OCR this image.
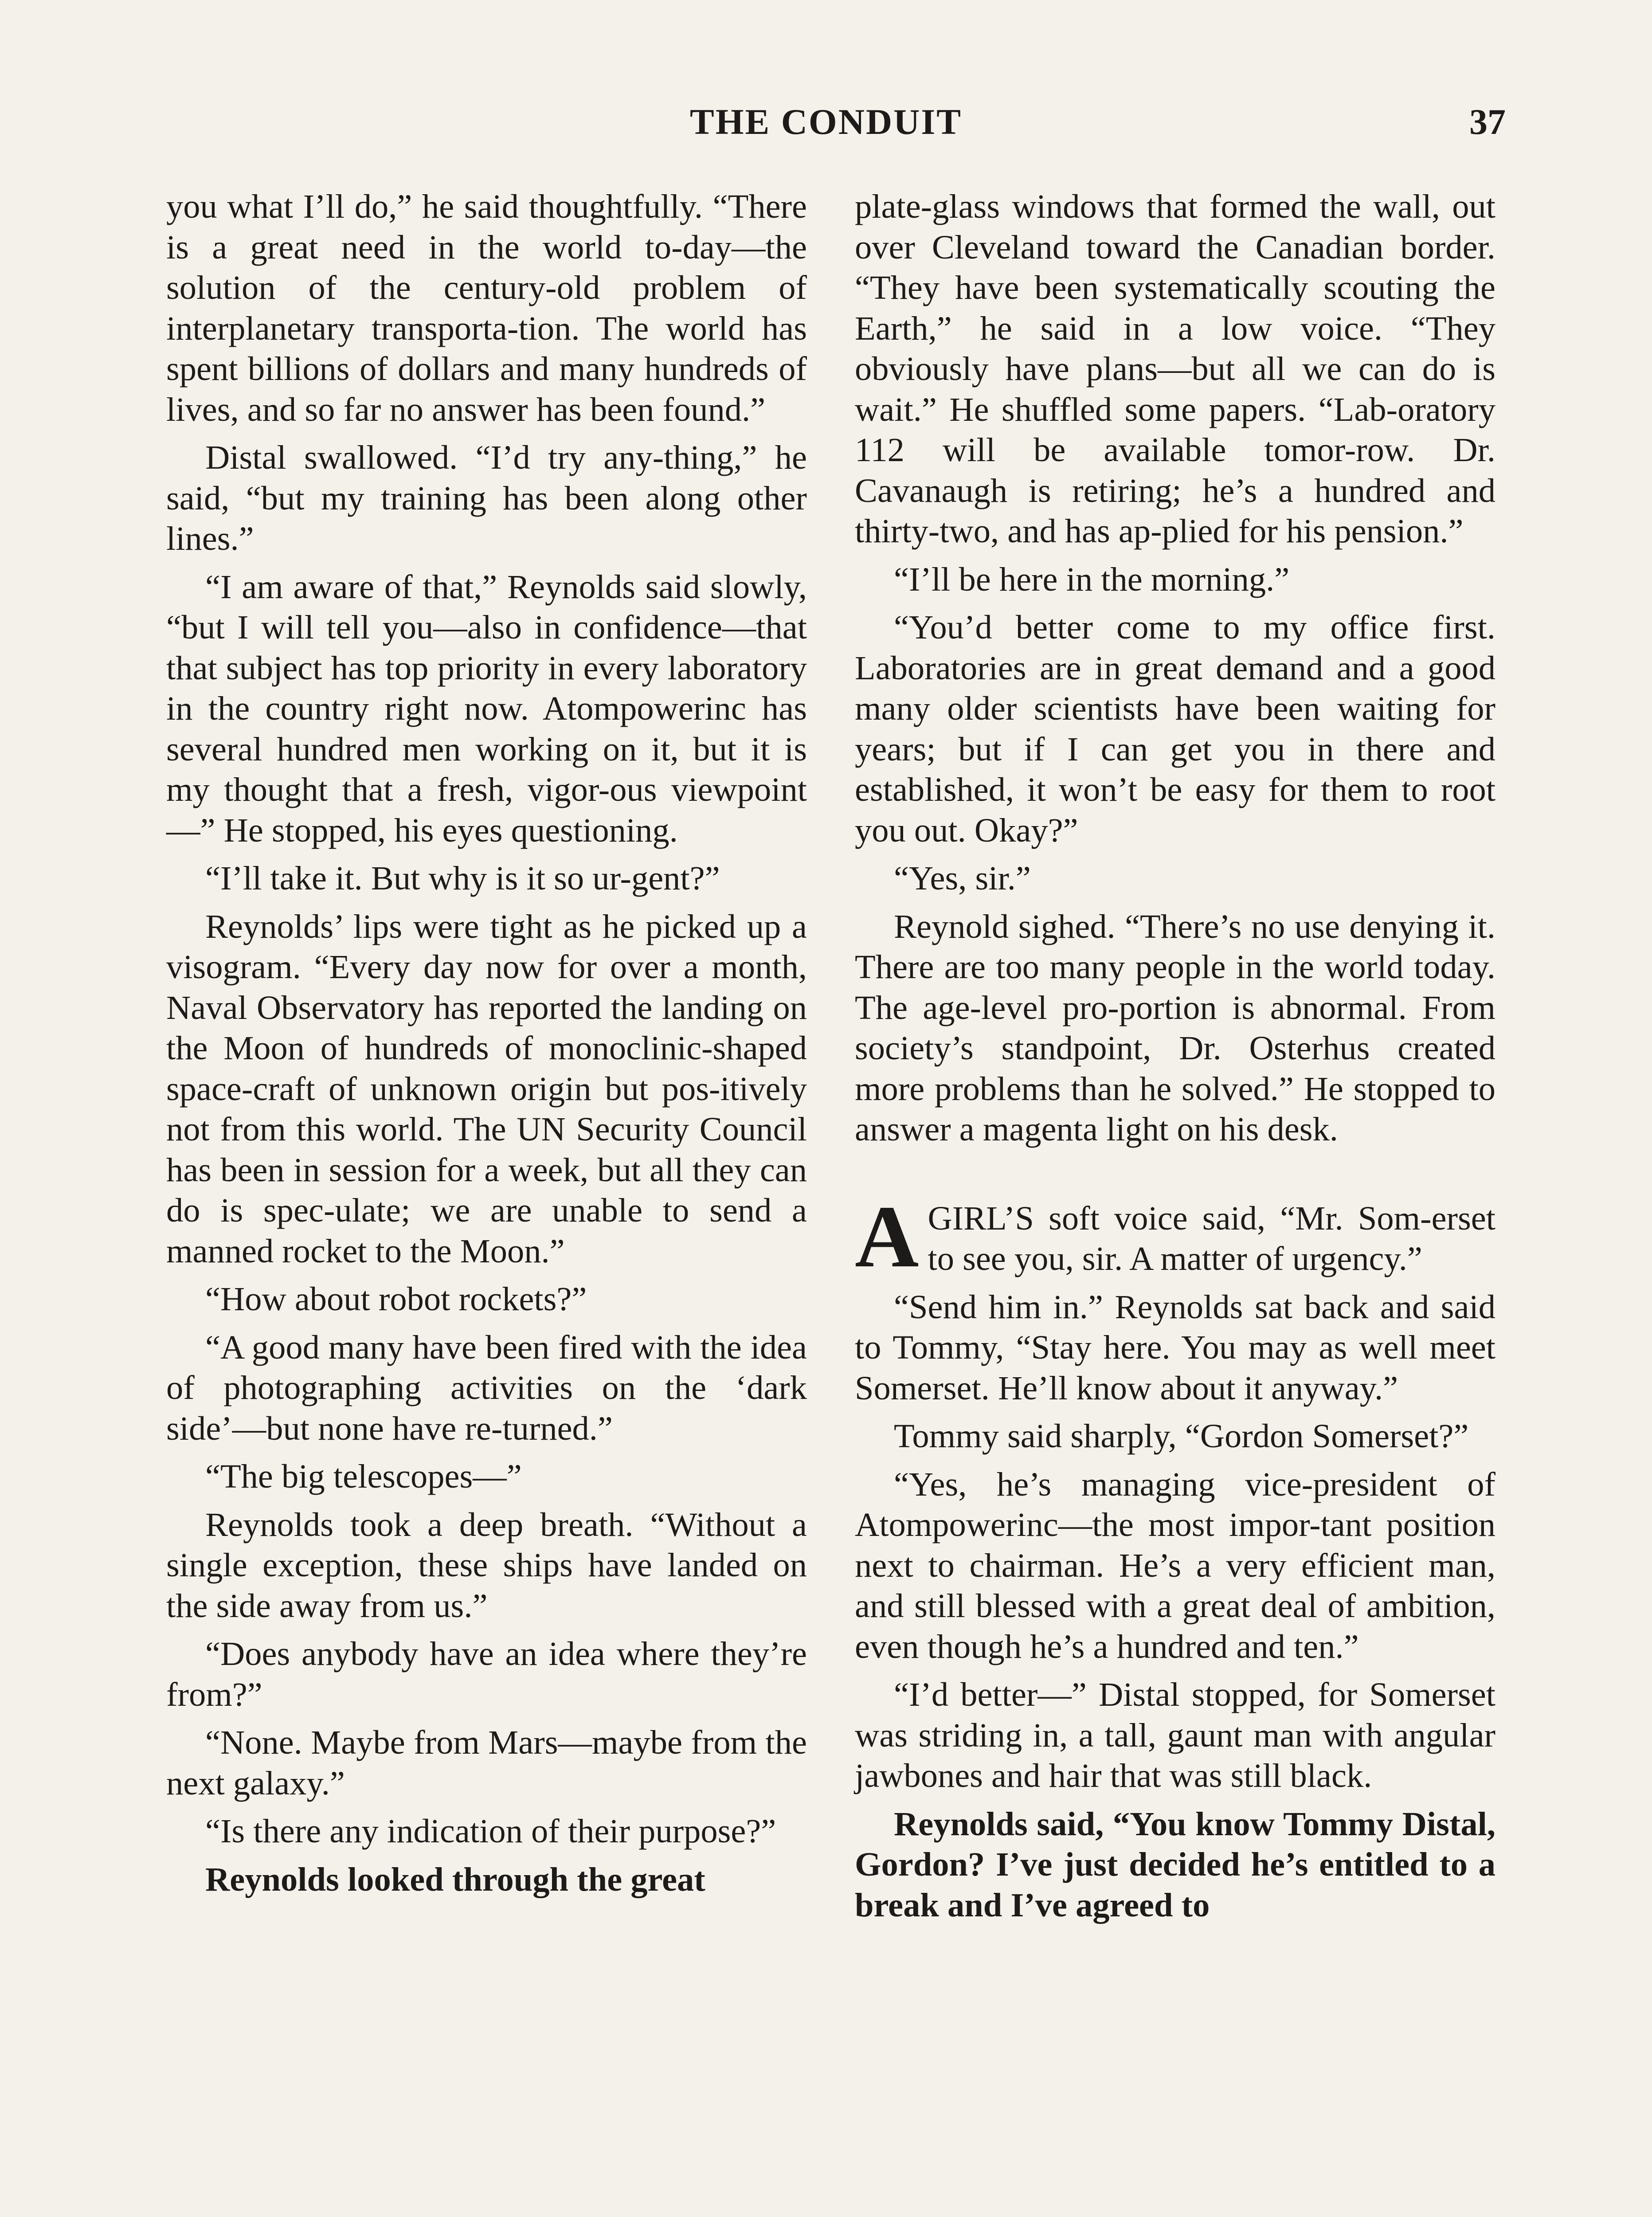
THE CONDUIT	37

you what I’ll do,” he said thoughtfully. “There is a great need in the world to-day—the solution of the century-old problem of interplanetary transporta-tion. The world has spent billions of dollars and many hundreds of lives, and so far no answer has been found.”

Distal swallowed. “I’d try any-thing,” he said, “but my training has been along other lines.”

“I am aware of that,” Reynolds said slowly, “but I will tell you—also in confidence—that that subject has top priority in every laboratory in the country right now. Atompowerinc has several hundred men working on it, but it is my thought that a fresh, vigor-ous viewpoint—” He stopped, his eyes questioning.

“I’ll take it. But why is it so ur-gent?”

Reynolds’ lips were tight as he picked up a visogram. “Every day now for over a month, Naval Observatory has reported the landing on the Moon of hundreds of monoclinic-shaped space-craft of unknown origin but pos-itively not from this world. The UN Security Council has been in session for a week, but all they can do is spec-ulate; we are unable to send a manned rocket to the Moon.”

“How about robot rockets?”

“A good many have been fired with the idea of photographing activities on the ‘dark side’—but none have re-turned.”

“The big telescopes—”

Reynolds took a deep breath. “Without a single exception, these ships have landed on the side away from us.”

“Does anybody have an idea where they’re from?”

“None. Maybe from Mars—maybe from the next galaxy.”

“Is there any indication of their purpose?”

Reynolds looked through the great

plate-glass windows that formed the wall, out over Cleveland toward the Canadian border. “They have been systematically scouting the Earth,” he said in a low voice. “They obviously have plans—but all we can do is wait.” He shuffled some papers. “Lab-oratory 112 will be available tomor-row. Dr. Cavanaugh is retiring; he’s a hundred and thirty-two, and has ap-plied for his pension.”

“I’ll be here in the morning.”

“You’d better come to my office first. Laboratories are in great demand and a good many older scientists have been waiting for years; but if I can get you in there and established, it won’t be easy for them to root you out. Okay?”

“Yes, sir.”

Reynold sighed. “There’s no use denying it. There are too many people in the world today. The age-level pro-portion is abnormal. From society’s standpoint, Dr. Osterhus created more problems than he solved.” He stopped to answer a magenta light on his desk.

A GIRL’S soft voice said, “Mr. Som-erset to see you, sir. A matter of urgency.”

“Send him in.” Reynolds sat back and said to Tommy, “Stay here. You may as well meet Somerset. He’ll know about it anyway.”

Tommy said sharply, “Gordon Somerset?”

“Yes, he’s managing vice-president of Atompowerinc—the most impor-tant position next to chairman. He’s a very efficient man, and still blessed with a great deal of ambition, even though he’s a hundred and ten.”

“I’d better—” Distal stopped, for Somerset was striding in, a tall, gaunt man with angular jawbones and hair that was still black.

Reynolds said, “You know Tommy Distal, Gordon? I’ve just decided he’s entitled to a break and I’ve agreed to
